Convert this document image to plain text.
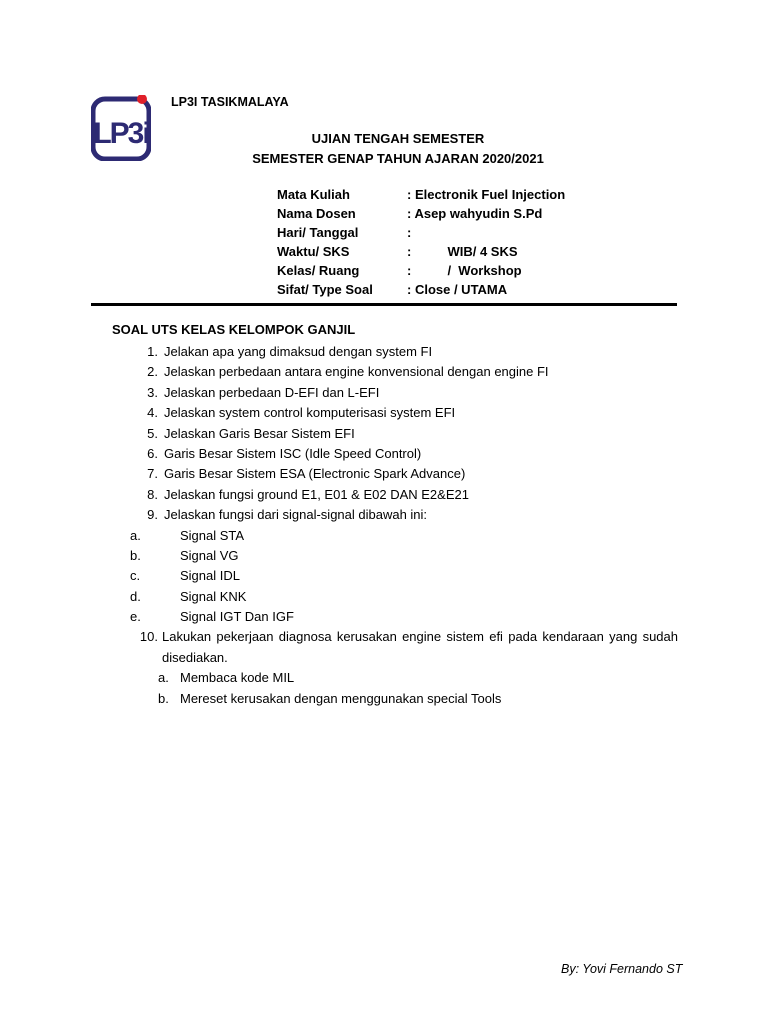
LP3i
LP3I TASIKMALAYA
UJIAN TENGAH SEMESTER
SEMESTER GENAP TAHUN AJARAN 2020/2021
Mata Kuliah	: Electronik Fuel Injection
Nama Dosen	: Asep wahyudin S.Pd
Hari/ Tanggal	:
Waktu/ SKS	:          WIB/ 4 SKS
Kelas/ Ruang	:          /  Workshop
Sifat/ Type Soal	: Close / UTAMA
SOAL UTS KELAS KELOMPOK GANJIL
1. Jelakan apa yang dimaksud dengan system FI
2. Jelaskan perbedaan antara engine konvensional dengan engine FI
3. Jelaskan perbedaan D-EFI dan L-EFI
4. Jelaskan system control komputerisasi system EFI
5. Jelaskan Garis Besar Sistem EFI
6. Garis Besar Sistem ISC (Idle Speed Control)
7. Garis Besar Sistem ESA (Electronic Spark Advance)
8. Jelaskan fungsi ground E1, E01 & E02 DAN E2&E21
9. Jelaskan fungsi dari signal-signal dibawah ini:
a.	Signal STA
b.	Signal VG
c.	Signal IDL
d.	Signal KNK
e.	Signal IGT Dan IGF
10. Lakukan pekerjaan diagnosa kerusakan engine sistem efi pada kendaraan yang sudah disediakan.
a. Membaca kode MIL
b. Mereset kerusakan dengan menggunakan special Tools
By: Yovi Fernando ST
